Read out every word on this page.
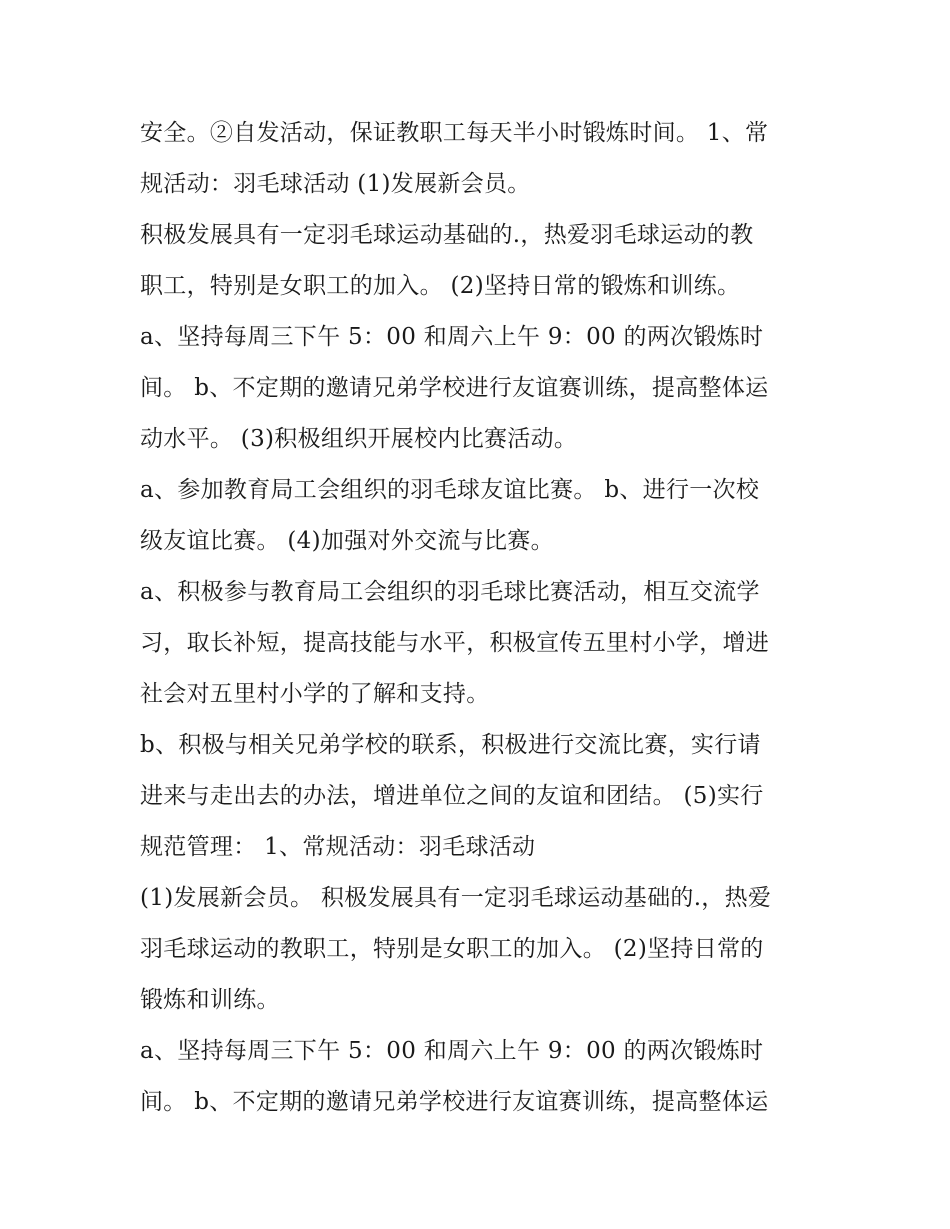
安全。②自发活动，保证教职工每天半小时锻炼时间。 1、常
规活动：羽毛球活动 (1)发展新会员。
积极发展具有一定羽毛球运动基础的.，热爱羽毛球运动的教
职工，特别是女职工的加入。 (2)坚持日常的锻炼和训练。
a、坚持每周三下午 5：00 和周六上午 9：00 的两次锻炼时
间。 b、不定期的邀请兄弟学校进行友谊赛训练，提高整体运
动水平。 (3)积极组织开展校内比赛活动。
a、参加教育局工会组织的羽毛球友谊比赛。 b、进行一次校
级友谊比赛。 (4)加强对外交流与比赛。
a、积极参与教育局工会组织的羽毛球比赛活动，相互交流学
习，取长补短，提高技能与水平，积极宣传五里村小学，增进
社会对五里村小学的了解和支持。
b、积极与相关兄弟学校的联系，积极进行交流比赛，实行请
进来与走出去的办法，增进单位之间的友谊和团结。 (5)实行
规范管理： 1、常规活动：羽毛球活动
(1)发展新会员。 积极发展具有一定羽毛球运动基础的.，热爱
羽毛球运动的教职工，特别是女职工的加入。 (2)坚持日常的
锻炼和训练。
a、坚持每周三下午 5：00 和周六上午 9：00 的两次锻炼时
间。 b、不定期的邀请兄弟学校进行友谊赛训练，提高整体运
